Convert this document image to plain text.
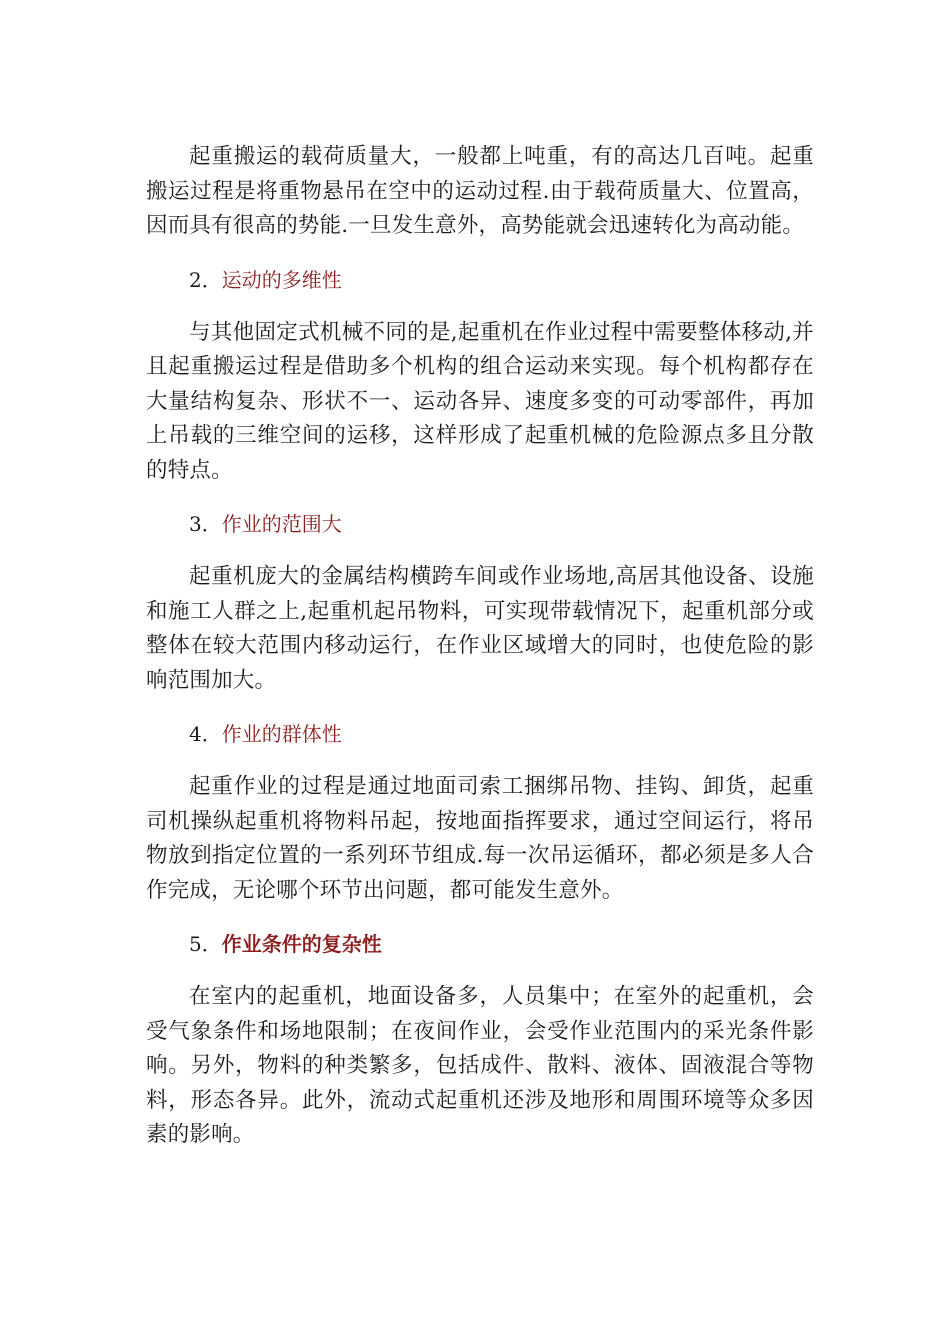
起重搬运的载荷质量大，一般都上吨重，有的高达几百吨。起重搬运过程是将重物悬吊在空中的运动过程.由于载荷质量大、位置高，因而具有很高的势能.一旦发生意外，高势能就会迅速转化为高动能。

2．运动的多维性

与其他固定式机械不同的是,起重机在作业过程中需要整体移动,并且起重搬运过程是借助多个机构的组合运动来实现。每个机构都存在大量结构复杂、形状不一、运动各异、速度多变的可动零部件，再加上吊载的三维空间的运移，这样形成了起重机械的危险源点多且分散的特点。

3．作业的范围大

起重机庞大的金属结构横跨车间或作业场地,高居其他设备、设施和施工人群之上,起重机起吊物料，可实现带载情况下，起重机部分或整体在较大范围内移动运行，在作业区域增大的同时，也使危险的影响范围加大。

4．作业的群体性

起重作业的过程是通过地面司索工捆绑吊物、挂钩、卸货，起重司机操纵起重机将物料吊起，按地面指挥要求，通过空间运行，将吊物放到指定位置的一系列环节组成.每一次吊运循环，都必须是多人合作完成，无论哪个环节出问题，都可能发生意外。

5．作业条件的复杂性

在室内的起重机，地面设备多，人员集中；在室外的起重机，会受气象条件和场地限制；在夜间作业，会受作业范围内的采光条件影响。另外，物料的种类繁多，包括成件、散料、液体、固液混合等物料，形态各异。此外，流动式起重机还涉及地形和周围环境等众多因素的影响。
